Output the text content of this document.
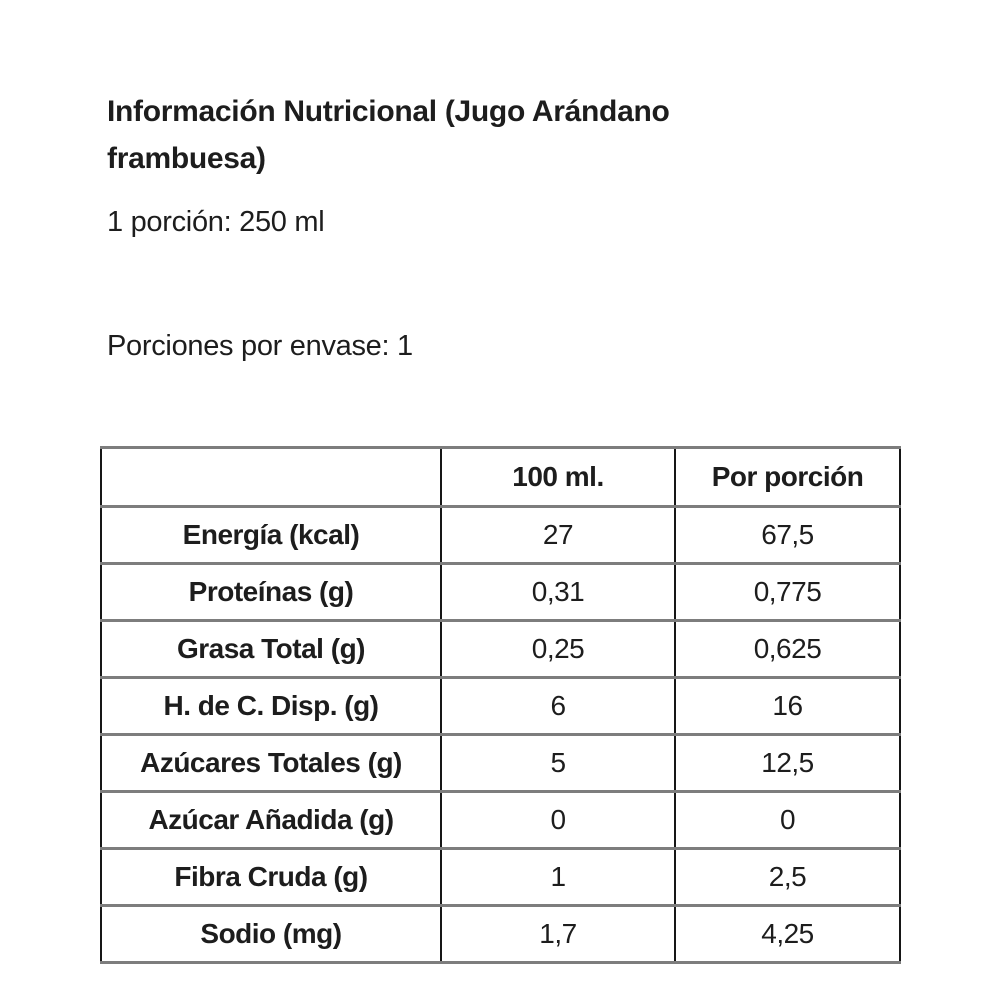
Información Nutricional (Jugo Arándano frambuesa)

1 porción: 250 ml

Porciones por envase: 1

	100 ml.	Por porción
Energía (kcal)	27	67,5
Proteínas (g)	0,31	0,775
Grasa Total (g)	0,25	0,625
H. de C. Disp. (g)	6	16
Azúcares Totales (g)	5	12,5
Azúcar Añadida (g)	0	0
Fibra Cruda (g)	1	2,5
Sodio (mg)	1,7	4,25
